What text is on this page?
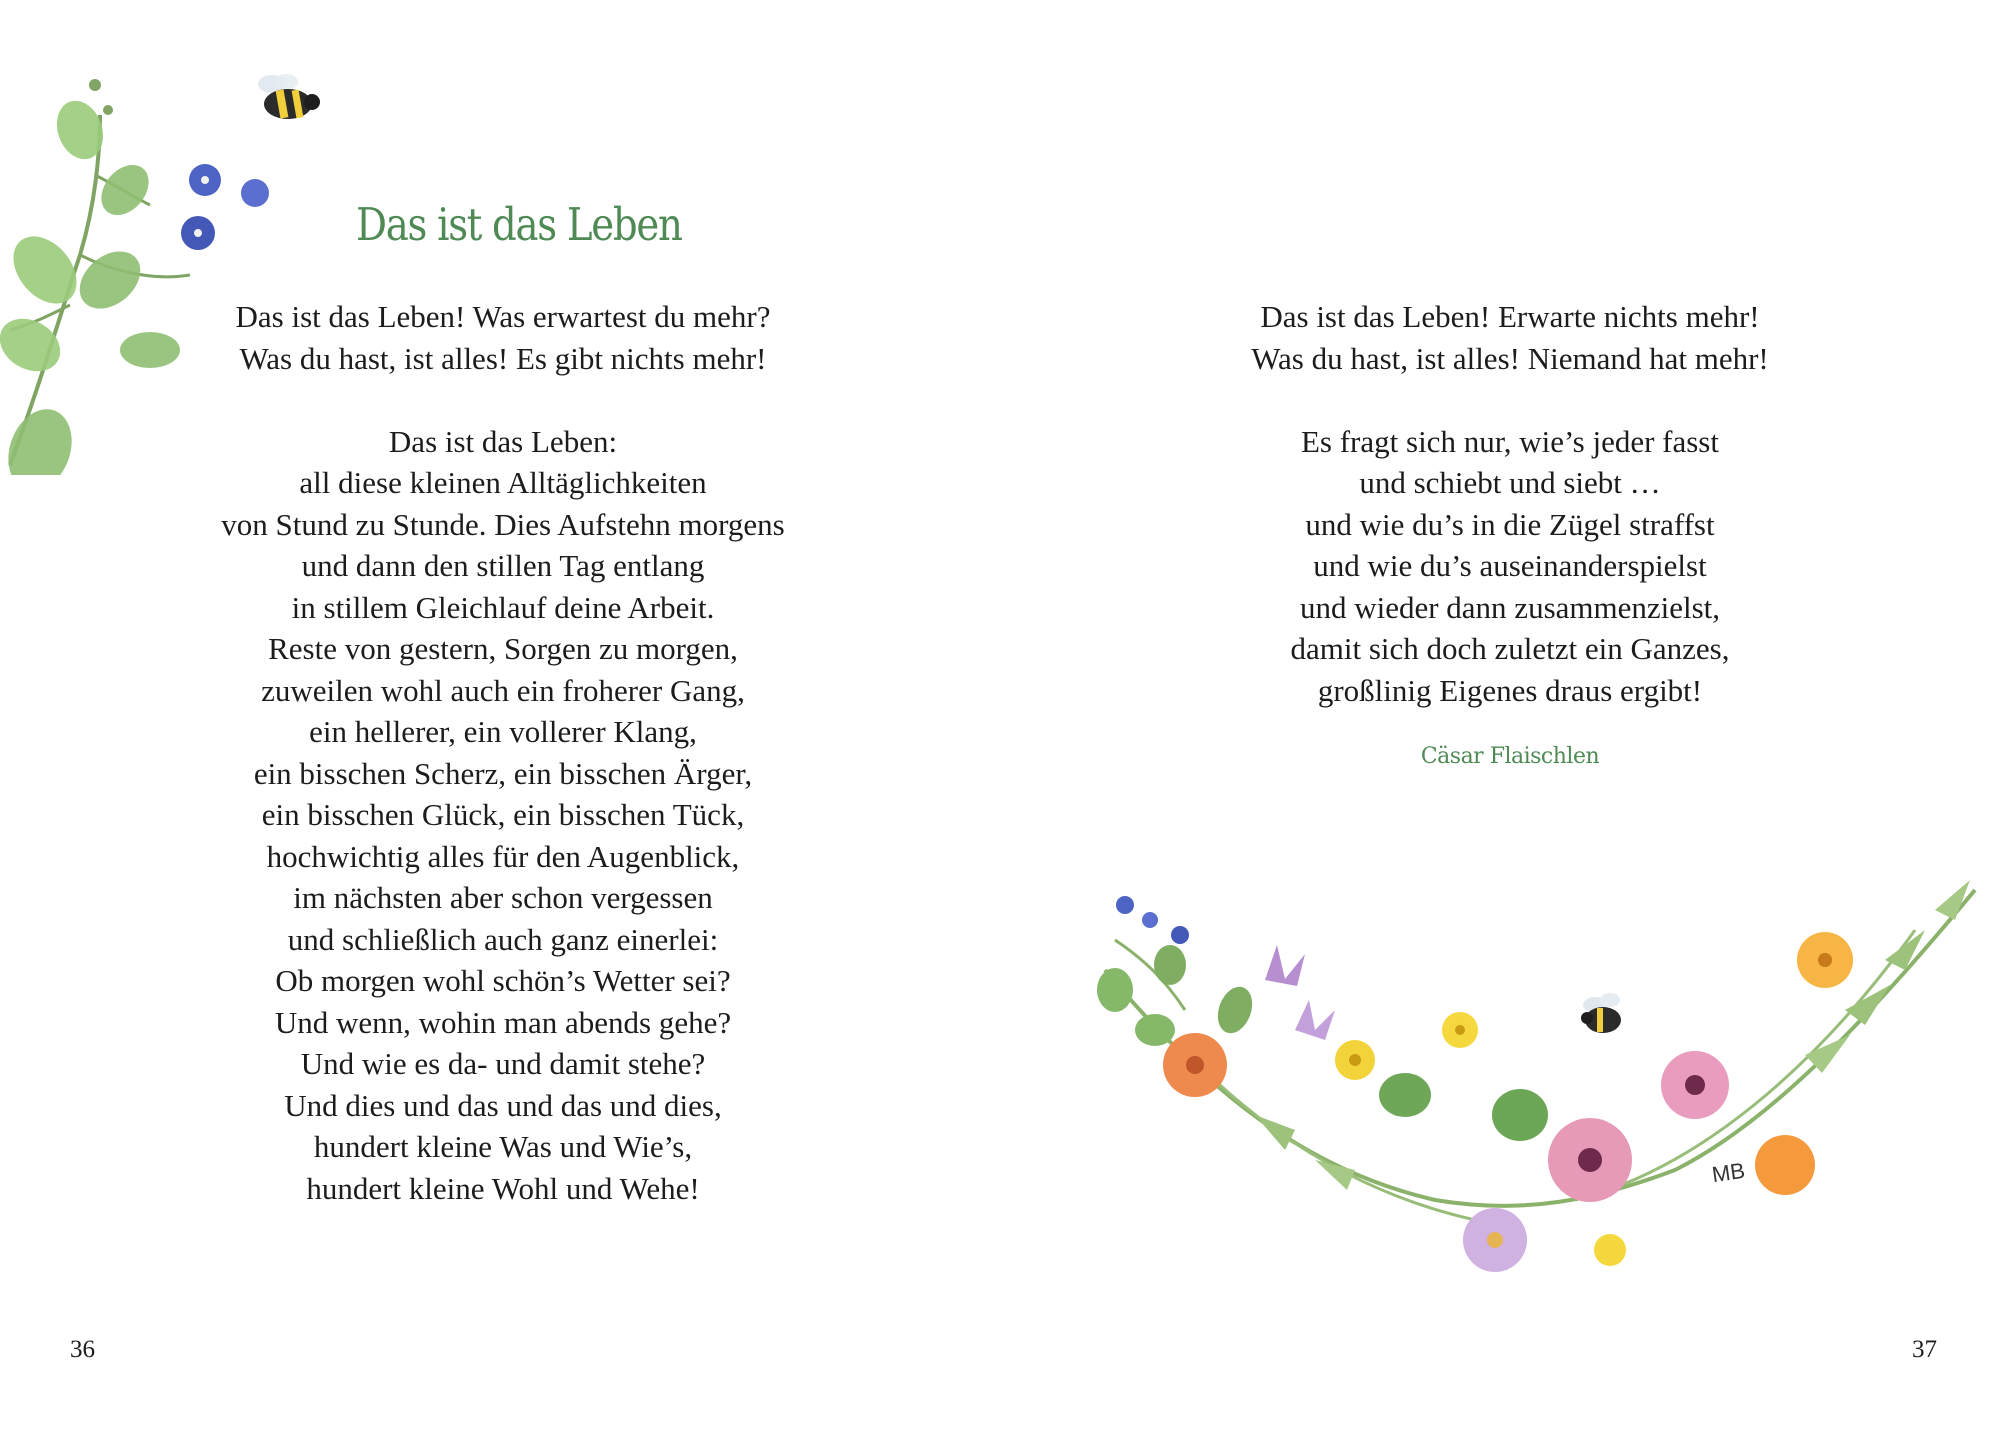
Das ist das Leben
Das ist das Leben! Was erwartest du mehr?
Was du hast, ist alles! Es gibt nichts mehr!
Das ist das Leben:
all diese kleinen Alltäglichkeiten
von Stund zu Stunde. Dies Aufstehn morgens
und dann den stillen Tag entlang
in stillem Gleichlauf deine Arbeit.
Reste von gestern, Sorgen zu morgen,
zuweilen wohl auch ein froherer Gang,
ein hellerer, ein vollerer Klang,
ein bisschen Scherz, ein bisschen Ärger,
ein bisschen Glück, ein bisschen Tück,
hochwichtig alles für den Augenblick,
im nächsten aber schon vergessen
und schließlich auch ganz einerlei:
Ob morgen wohl schön’s Wetter sei?
Und wenn, wohin man abends gehe?
Und wie es da- und damit stehe?
Und dies und das und das und dies,
hundert kleine Was und Wie’s,
hundert kleine Wohl und Wehe!
36
Das ist das Leben! Erwarte nichts mehr!
Was du hast, ist alles! Niemand hat mehr!
Es fragt sich nur, wie’s jeder fasst
und schiebt und siebt …
und wie du’s in die Zügel straffst
und wie du’s auseinanderspielst
und wieder dann zusammenzielst,
damit sich doch zuletzt ein Ganzes,
großlinig Eigenes draus ergibt!
Cäsar Flaischlen
MB
37
